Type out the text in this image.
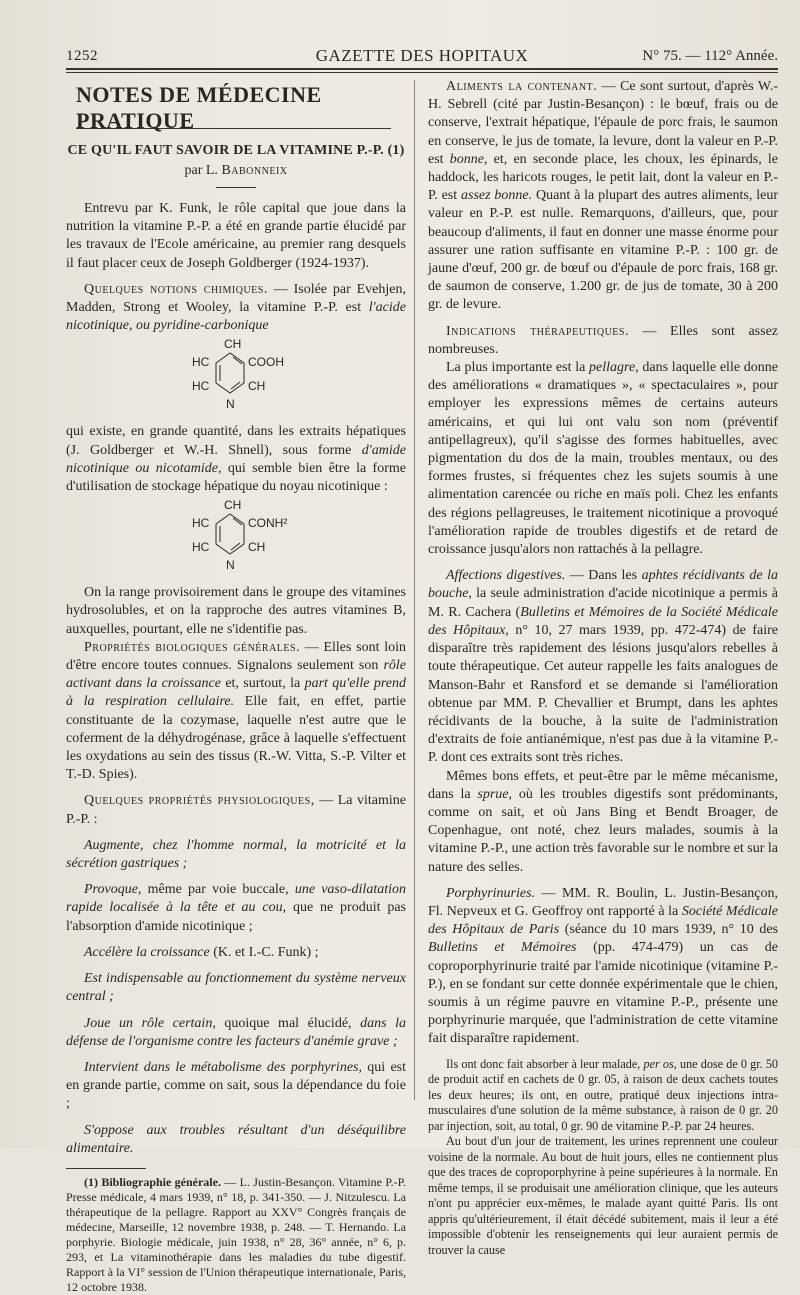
1252	GAZETTE DES HOPITAUX	N° 75. — 112° Année.
NOTES DE MÉDECINE PRATIQUE
CE QU'IL FAUT SAVOIR DE LA VITAMINE P.-P. (1)
par L. Babonneix

Entrevu par K. Funk, le rôle capital que joue dans la nutrition la vitamine P.-P. a été en grande partie élucidé par les travaux de l'Ecole américaine, au premier rang desquels il faut placer ceux de Joseph Goldberger (1924-1937).

Quelques notions chimiques. — Isolée par Evehjen, Madden, Strong et Wooley, la vitamine P.-P. est l'acide nicotinique, ou pyridine-carbonique

CH
HC	COOH
HC	CH
N

qui existe, en grande quantité, dans les extraits hépatiques (J. Goldberger et W.-H. Shnell), sous forme d'amide nicotinique ou nicotamide, qui semble bien être la forme d'utilisation de stockage hépatique du noyau nicotinique :

CH
HC	CONH²
HC	CH
N

On la range provisoirement dans le groupe des vitamines hydrosolubles, et on la rapproche des autres vitamines B, auxquelles, pourtant, elle ne s'identifie pas.

Propriétés biologiques générales. — Elles sont loin d'être encore toutes connues. Signalons seulement son rôle activant dans la croissance et, surtout, la part qu'elle prend à la respiration cellulaire. Elle fait, en effet, partie constituante de la cozymase, laquelle n'est autre que le coferment de la déhydrogénase, grâce à laquelle s'effectuent les oxydations au sein des tissus (R.-W. Vitta, S.-P. Vilter et T.-D. Spies).

Quelques propriétés physiologiques, — La vitamine P.-P. :

Augmente, chez l'homme normal, la motricité et la sécrétion gastriques ;

Provoque, même par voie buccale, une vaso-dilatation rapide localisée à la tête et au cou, que ne produit pas l'absorption d'amide nicotinique ;

Accélère la croissance (K. et I.-C. Funk) ;

Est indispensable au fonctionnement du système nerveux central ;

Joue un rôle certain, quoique mal élucidé, dans la défense de l'organisme contre les facteurs d'anémie grave ;

Intervient dans le métabolisme des porphyrines, qui est en grande partie, comme on sait, sous la dépendance du foie ;

S'oppose aux troubles résultant d'un déséquilibre alimentaire.

(1) Bibliographie générale. — L. Justin-Besançon. Vitamine P.-P. Presse médicale, 4 mars 1939, n° 18, p. 341-350. — J. Nitzulescu. La thérapeutique de la pellagre. Rapport au XXV° Congrès français de médecine, Marseille, 12 novembre 1938, p. 248. — T. Hernando. La porphyrie. Biologie médicale, juin 1938, n° 28, 36° année, n° 6, p. 293, et La vitaminothérapie dans les maladies du tube digestif. Rapport à la VI° session de l'Union thérapeutique internationale, Paris, 12 octobre 1938.

Aliments la contenant. — Ce sont surtout, d'après W.-H. Sebrell (cité par Justin-Besançon) : le bœuf, frais ou de conserve, l'extrait hépatique, l'épaule de porc frais, le saumon en conserve, le jus de tomate, la levure, dont la valeur en P.-P. est bonne, et, en seconde place, les choux, les épinards, le haddock, les haricots rouges, le petit lait, dont la valeur en P.-P. est assez bonne. Quant à la plupart des autres aliments, leur valeur en P.-P. est nulle. Remarquons, d'ailleurs, que, pour beaucoup d'aliments, il faut en donner une masse énorme pour assurer une ration suffisante en vitamine P.-P. : 100 gr. de jaune d'œuf, 200 gr. de bœuf ou d'épaule de porc frais, 168 gr. de saumon de conserve, 1.200 gr. de jus de tomate, 30 à 200 gr. de levure.

Indications thérapeutiques. — Elles sont assez nombreuses.

La plus importante est la pellagre, dans laquelle elle donne des améliorations « dramatiques », « spectaculaires », pour employer les expressions mêmes de certains auteurs américains, et qui lui ont valu son nom (préventif antipellagreux), qu'il s'agisse des formes habituelles, avec pigmentation du dos de la main, troubles mentaux, ou des formes frustes, si fréquentes chez les sujets soumis à une alimentation carencée ou riche en maïs poli. Chez les enfants des régions pellagreuses, le traitement nicotinique a provoqué l'amélioration rapide de troubles digestifs et de retard de croissance jusqu'alors non rattachés à la pellagre.

Affections digestives. — Dans les aphtes récidivants de la bouche, la seule administration d'acide nicotinique a permis à M. R. Cachera (Bulletins et Mémoires de la Société Médicale des Hôpitaux, n° 10, 27 mars 1939, pp. 472-474) de faire disparaître très rapidement des lésions jusqu'alors rebelles à toute thérapeutique. Cet auteur rappelle les faits analogues de Manson-Bahr et Ransford et se demande si l'amélioration obtenue par MM. P. Chevallier et Brumpt, dans les aphtes récidivants de la bouche, à la suite de l'administration d'extraits de foie antianémique, n'est pas due à la vitamine P.-P. dont ces extraits sont très riches.

Mêmes bons effets, et peut-être par le même mécanisme, dans la sprue, où les troubles digestifs sont prédominants, comme on sait, et où Jans Bing et Bendt Broager, de Copenhague, ont noté, chez leurs malades, soumis à la vitamine P.-P., une action très favorable sur le nombre et sur la nature des selles.

Porphyrinuries. — MM. R. Boulin, L. Justin-Besançon, Fl. Nepveux et G. Geoffroy ont rapporté à la Société Médicale des Hôpitaux de Paris (séance du 10 mars 1939, n° 10 des Bulletins et Mémoires (pp. 474-479) un cas de coproporphyrinurie traité par l'amide nicotinique (vitamine P.-P.), en se fondant sur cette donnée expérimentale que le chien, soumis à un régime pauvre en vitamine P.-P., présente une porphyrinurie marquée, que l'administration de cette vitamine fait disparaître rapidement.

Ils ont donc fait absorber à leur malade, per os, une dose de 0 gr. 50 de produit actif en cachets de 0 gr. 05, à raison de deux cachets toutes les deux heures; ils ont, en outre, pratiqué deux injections intra-musculaires d'une solution de la même substance, à raison de 0 gr. 20 par injection, soit, au total, 0 gr. 90 de vitamine P.-P. par 24 heures.

Au bout d'un jour de traitement, les urines reprennent une couleur voisine de la normale. Au bout de huit jours, elles ne contiennent plus que des traces de coproporphyrine à peine supérieures à la normale. En même temps, il se produisait une amélioration clinique, que les auteurs n'ont pu apprécier eux-mêmes, le malade ayant quitté Paris. Ils ont appris qu'ultérieurement, il était décédé subitement, mais il leur a été impossible d'obtenir les renseignements qui leur auraient permis de trouver la cause
